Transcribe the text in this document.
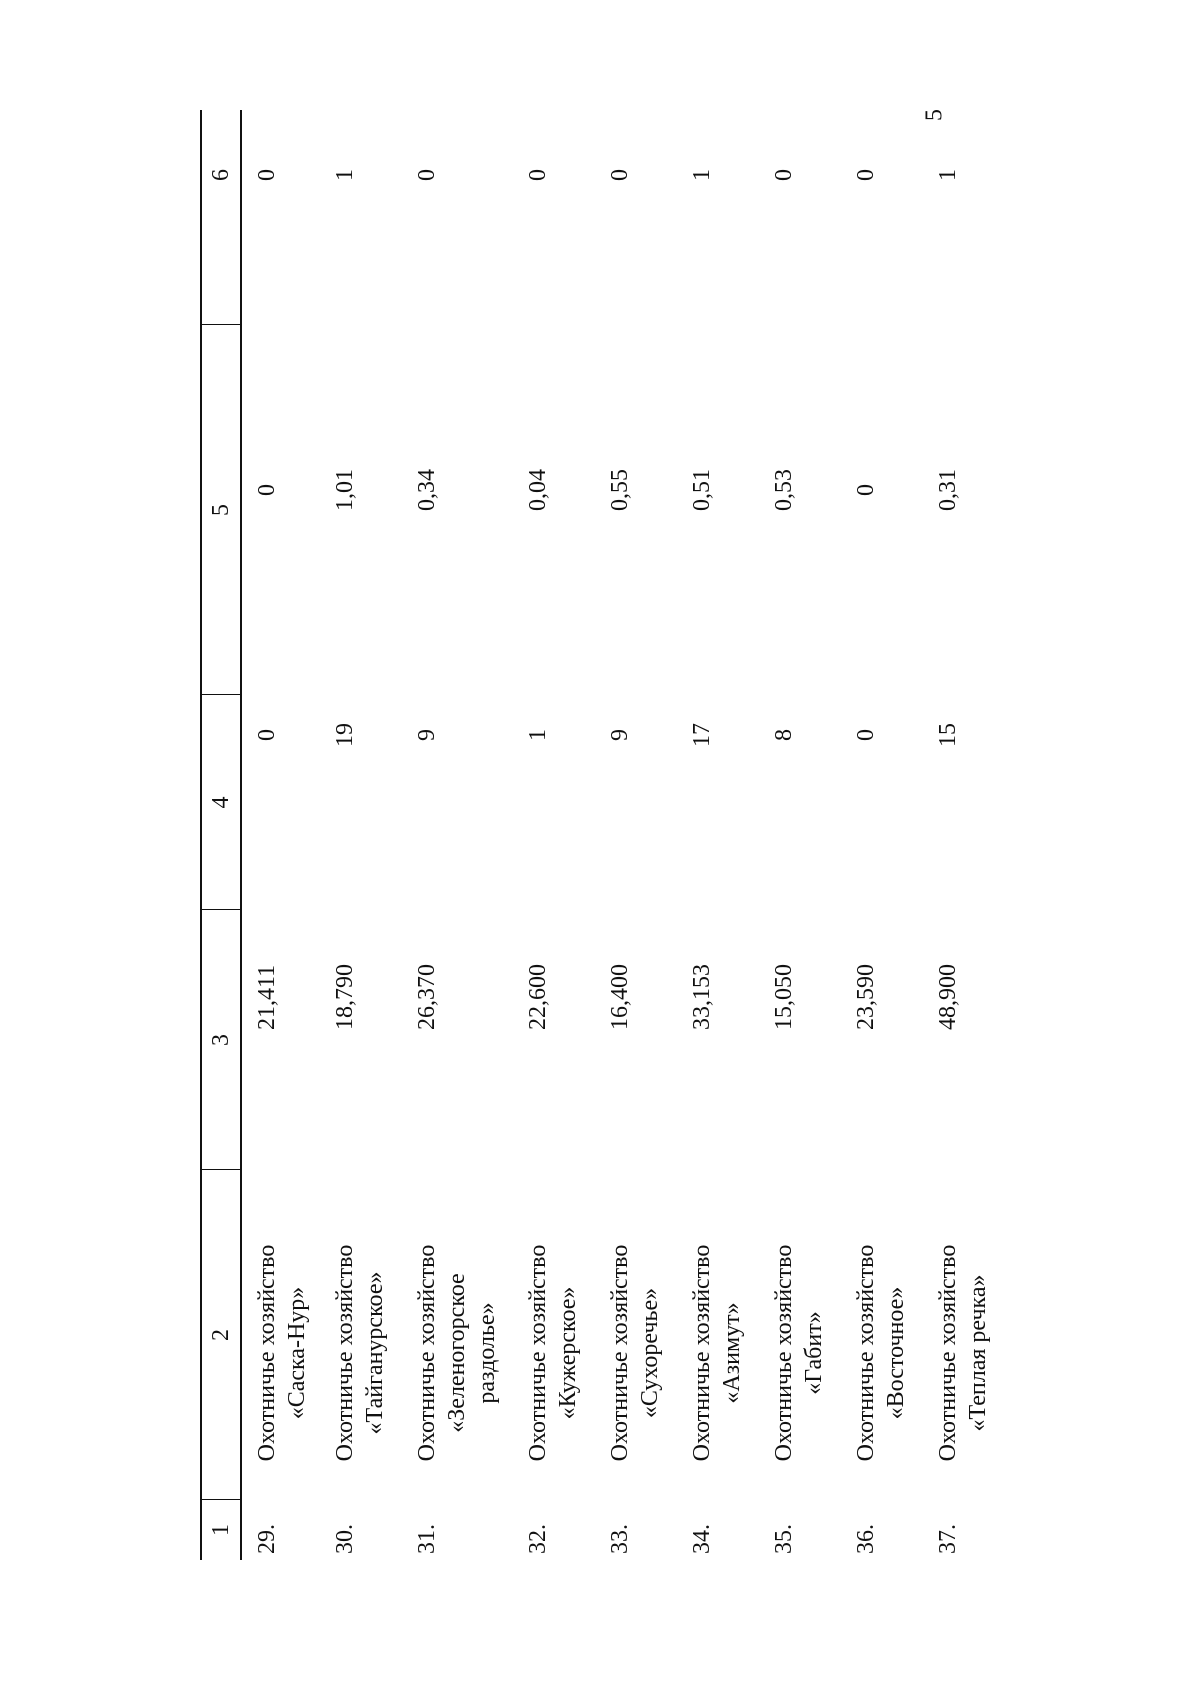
5
1
2
3
4
5
6
29.
Охотничье хозяйство «Саска-Нур»
21,411
0
0
0
30.
Охотничье хозяйство «Тайганурское»
18,790
19
1,01
1
31.
Охотничье хозяйство «Зеленогорское раздолье»
26,370
9
0,34
0
32.
Охотничье хозяйство «Кужерское»
22,600
1
0,04
0
33.
Охотничье хозяйство «Сухоречье»
16,400
9
0,55
0
34.
Охотничье хозяйство «Азимут»
33,153
17
0,51
1
35.
Охотничье хозяйство «Габит»
15,050
8
0,53
0
36.
Охотничье хозяйство «Восточное»
23,590
0
0
0
37.
Охотничье хозяйство «Теплая речка»
48,900
15
0,31
1
